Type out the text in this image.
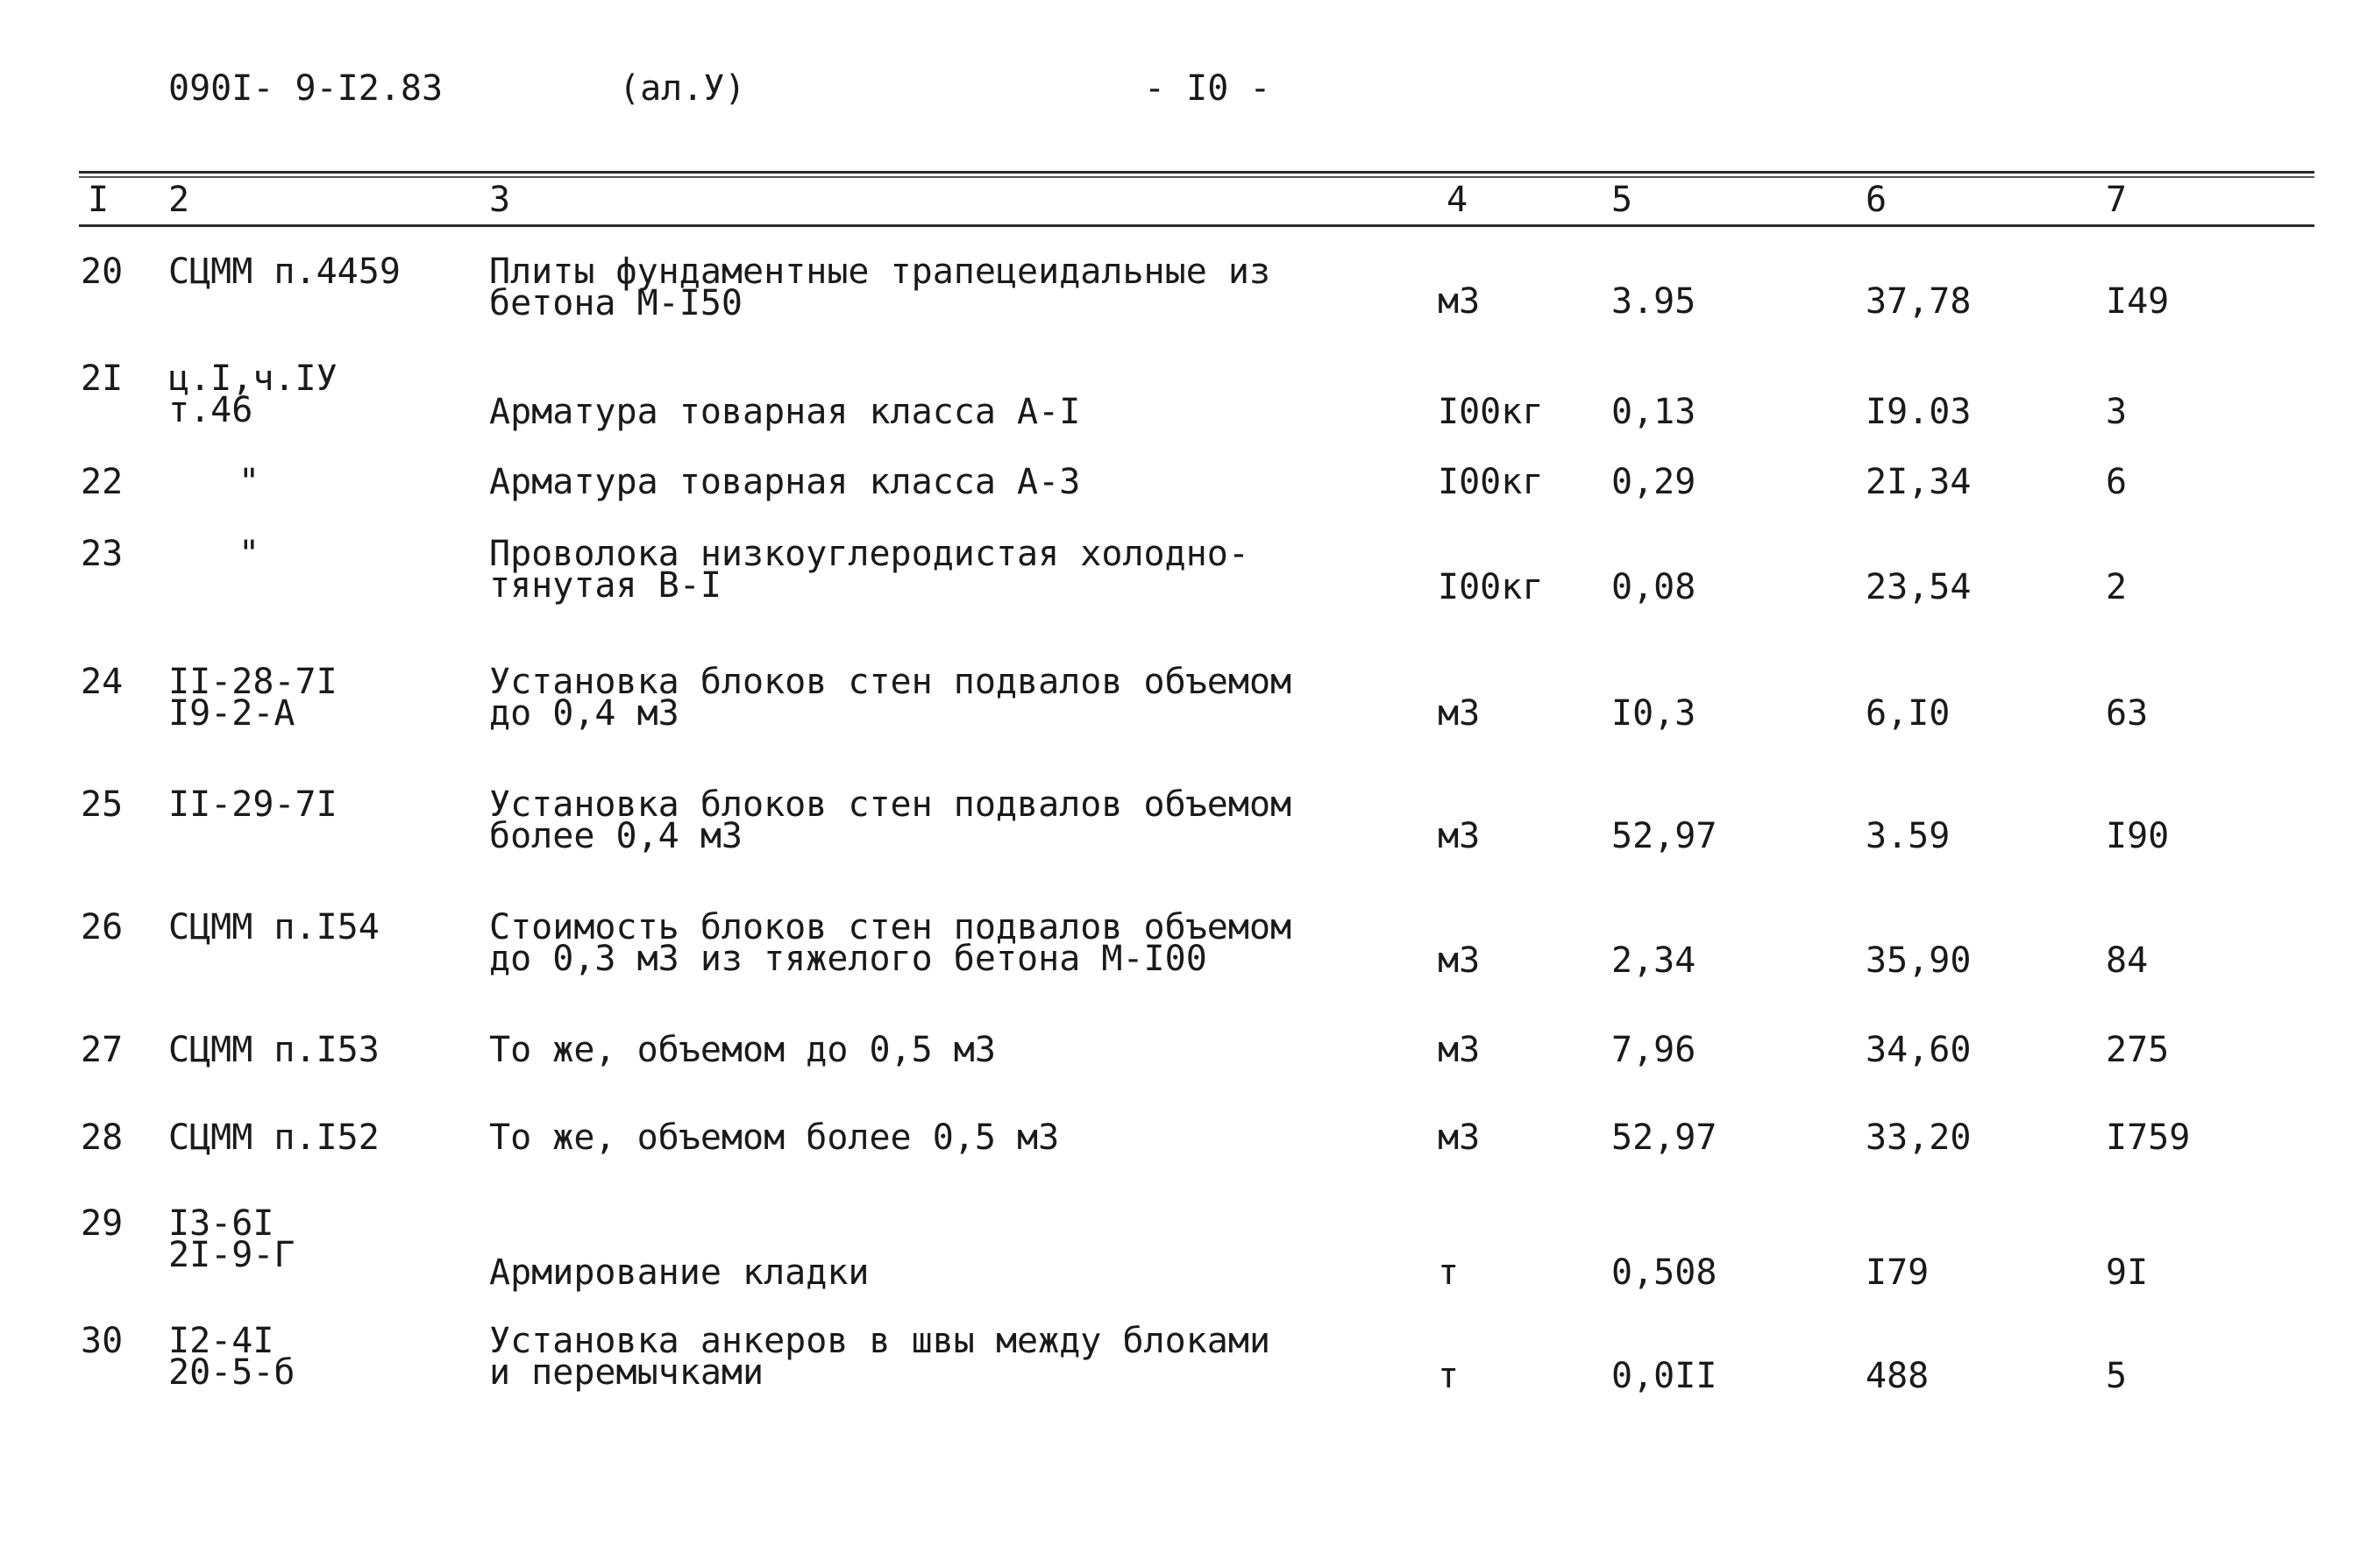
090I- 9-I2.83	(ал.У)	- I0 -
I 2	3	4	5	6	7
20 СЦММ п.4459	Плиты фундаментные трапецеидальные из
бетона М-I50	м3	3.95	37,78	I49
2I ц.I,ч.IУ
т.46	Арматура товарная класса А-I	I00кг 0,13	I9.03	3
22	"	Арматура товарная класса А-3	I00кг 0,29	2I,34	6
23	"	Проволока низкоуглеродистая холодно-
тянутая В-I	I00кг 0,08	23,54	2
24 II-28-7I
I9-2-А
Установка блоков стен подвалов объемом
до 0,4 м3	м3	I0,3	6,I0	63
25 II-29-7I	Установка блоков стен подвалов объемом
более 0,4 м3	м3	52,97	3.59	I90
26 СЦММ п.I54	Стоимость блоков стен подвалов объемом
до 0,3 м3 из тяжелого бетона М-I00	м3	2,34	35,90	84
27 СЦММ п.I53	То же, объемом до 0,5 м3	м3	7,96	34,60	275
28 СЦММ п.I52	То же, объемом более 0,5 м3	м3	52,97	33,20	I759
29 I3-6I
2I-9-Г	Армирование кладки	т	0,508	I79	9I
30 I2-4I
20-5-б
Установка анкеров в швы между блоками
и перемычками	т	0,0II	488	5
